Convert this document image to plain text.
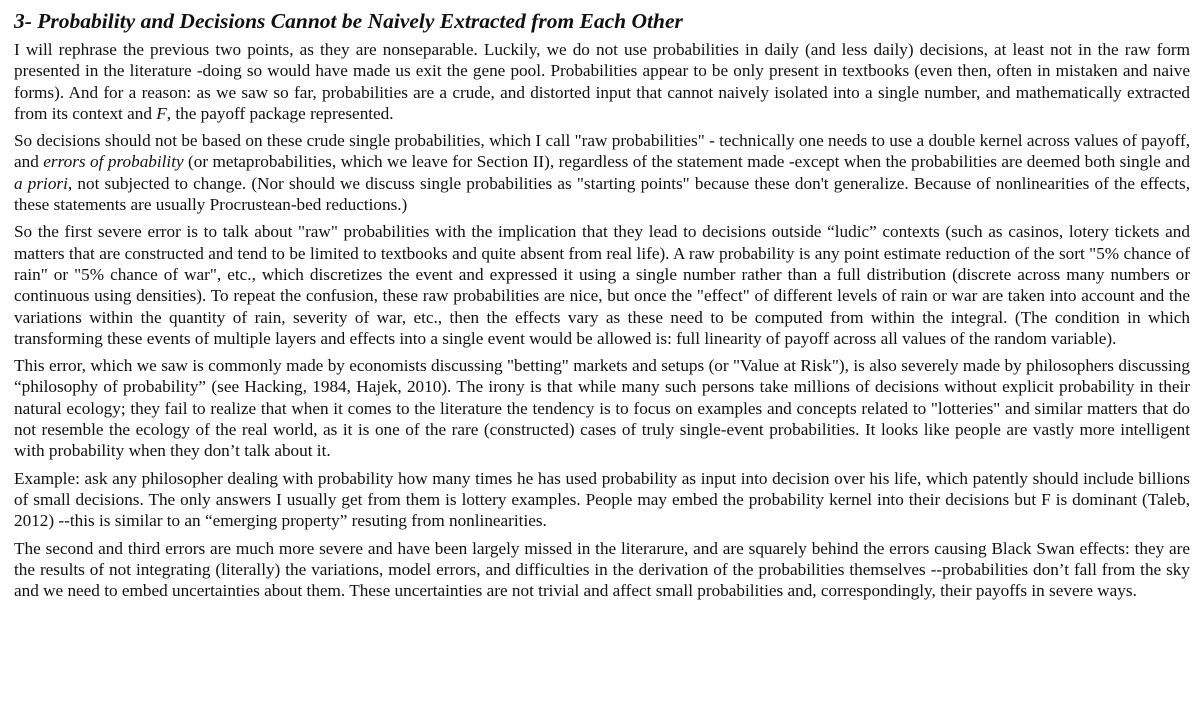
3- Probability and Decisions Cannot be Naively Extracted from Each Other

I will rephrase the previous two points, as they are nonseparable. Luckily, we do not use probabilities in daily (and less daily) decisions, at least not in the raw form presented in the literature -doing so would have made us exit the gene pool. Probabilities appear to be only present in textbooks (even then, often in mistaken and naive forms). And for a reason: as we saw so far, probabilities are a crude, and distorted input that cannot naively isolated into a single number, and mathematically extracted from its context and F, the payoff package represented.

So decisions should not be based on these crude single probabilities, which I call "raw probabilities" - technically one needs to use a double kernel across values of payoff, and errors of probability (or metaprobabilities, which we leave for Section II), regardless of the statement made -except when the probabilities are deemed both single and a priori, not subjected to change. (Nor should we discuss single probabilities as "starting points" because these don't generalize. Because of nonlinearities of the effects, these statements are usually Procrustean-bed reductions.)

So the first severe error is to talk about "raw" probabilities with the implication that they lead to decisions outside “ludic” contexts (such as casinos, lotery tickets and matters that are constructed and tend to be limited to textbooks and quite absent from real life). A raw probability is any point estimate reduction of the sort "5% chance of rain" or "5% chance of war", etc., which discretizes the event and expressed it using a single number rather than a full distribution (discrete across many numbers or continuous using densities). To repeat the confusion, these raw probabilities are nice, but once the "effect" of different levels of rain or war are taken into account and the variations within the quantity of rain, severity of war, etc., then the effects vary as these need to be computed from within the integral. (The condition in which transforming these events of multiple layers and effects into a single event would be allowed is: full linearity of payoff across all values of the random variable).

This error, which we saw is commonly made by economists discussing "betting" markets and setups (or "Value at Risk"), is also severely made by philosophers discussing “philosophy of probability” (see Hacking, 1984, Hajek, 2010). The irony is that while many such persons take millions of decisions without explicit probability in their natural ecology; they fail to realize that when it comes to the literature the tendency is to focus on examples and concepts related to "lotteries" and similar matters that do not resemble the ecology of the real world, as it is one of the rare (constructed) cases of truly single-event probabilities. It looks like people are vastly more intelligent with probability when they don’t talk about it.

Example: ask any philosopher dealing with probability how many times he has used probability as input into decision over his life, which patently should include billions of small decisions. The only answers I usually get from them is lottery examples. People may embed the probability kernel into their decisions but F is dominant (Taleb, 2012) --this is similar to an “emerging property” resuting from nonlinearities.

The second and third errors are much more severe and have been largely missed in the literarure, and are squarely behind the errors causing Black Swan effects: they are the results of not integrating (literally) the variations, model errors, and difficulties in the derivation of the probabilities themselves --probabilities don’t fall from the sky and we need to embed uncertainties about them. These uncertainties are not trivial and affect small probabilities and, correspondingly, their payoffs in severe ways.
